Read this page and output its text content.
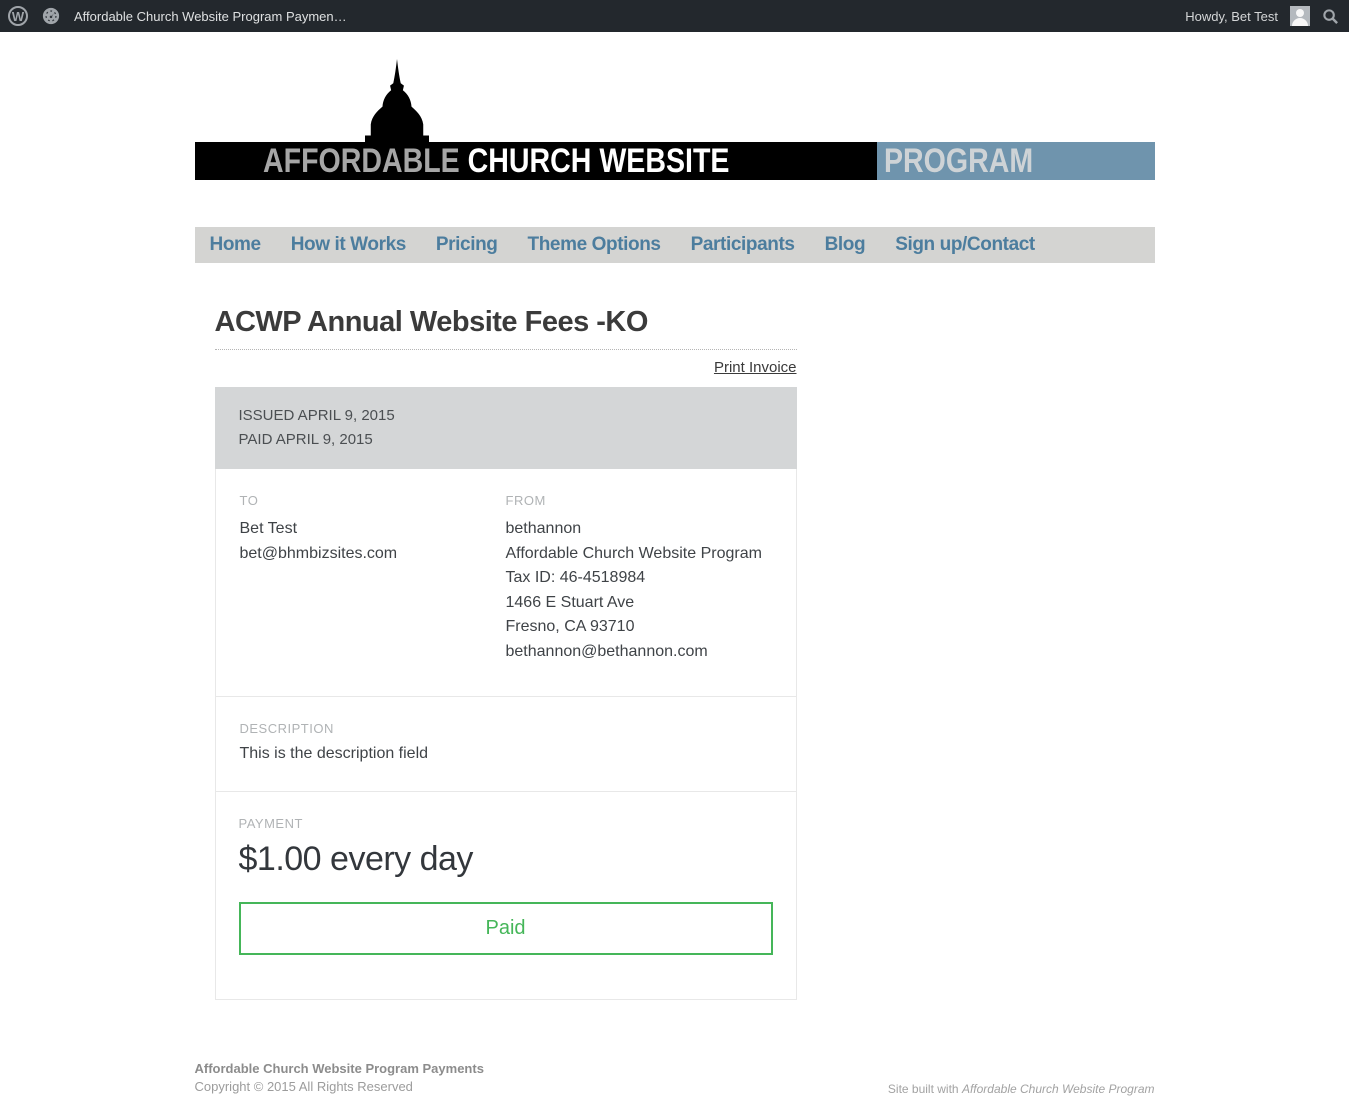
W	Affordable Church Website Program Paymen…	Howdy, Bet Test
AFFORDABLE CHURCH WEBSITE	PROGRAM
Home	How it Works	Pricing	Theme Options	Participants	Blog	Sign up/Contact
ACWP Annual Website Fees -KO
Print Invoice
ISSUED APRIL 9, 2015
PAID APRIL 9, 2015
TO
Bet Test
bet@bhmbizsites.com
FROM
bethannon
Affordable Church Website Program
Tax ID: 46-4518984
1466 E Stuart Ave
Fresno, CA 93710
bethannon@bethannon.com
DESCRIPTION
This is the description field
PAYMENT
$1.00 every day
Paid
Affordable Church Website Program Payments
Copyright © 2015 All Rights Reserved	Site built with Affordable Church Website Program
